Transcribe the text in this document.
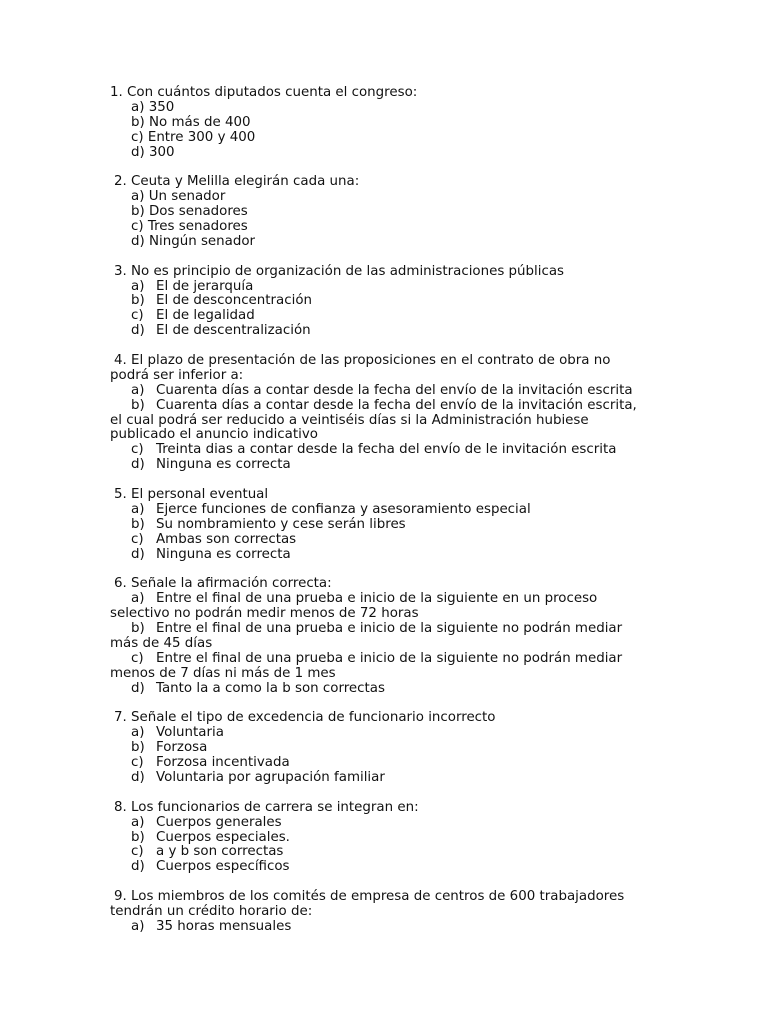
1. Con cuántos diputados cuenta el congreso:
a) 350
b) No más de 400
c) Entre 300 y 400
d) 300
2. Ceuta y Melilla elegirán cada una:
a) Un senador
b) Dos senadores
c) Tres senadores
d) Ningún senador
3. No es principio de organización de las administraciones públicas
a) El de jerarquía
b) El de desconcentración
c) El de legalidad
d) El de descentralización
4. El plazo de presentación de las proposiciones en el contrato de obra no
podrá ser inferior a:
a) Cuarenta días a contar desde la fecha del envío de la invitación escrita
b) Cuarenta días a contar desde la fecha del envío de la invitación escrita,
el cual podrá ser reducido a veintiséis días si la Administración hubiese
publicado el anuncio indicativo
c) Treinta dias a contar desde la fecha del envío de le invitación escrita
d) Ninguna es correcta
5. El personal eventual
a) Ejerce funciones de confianza y asesoramiento especial
b) Su nombramiento y cese serán libres
c) Ambas son correctas
d) Ninguna es correcta
6. Señale la afirmación correcta:
a) Entre el final de una prueba e inicio de la siguiente en un proceso
selectivo no podrán medir menos de 72 horas
b) Entre el final de una prueba e inicio de la siguiente no podrán mediar
más de 45 días
c) Entre el final de una prueba e inicio de la siguiente no podrán mediar
menos de 7 días ni más de 1 mes
d) Tanto la a como la b son correctas
7. Señale el tipo de excedencia de funcionario incorrecto
a) Voluntaria
b) Forzosa
c) Forzosa incentivada
d) Voluntaria por agrupación familiar
8. Los funcionarios de carrera se integran en:
a) Cuerpos generales
b) Cuerpos especiales.
c) a y b son correctas
d) Cuerpos específicos
9. Los miembros de los comités de empresa de centros de 600 trabajadores
tendrán un crédito horario de:
a) 35 horas mensuales
